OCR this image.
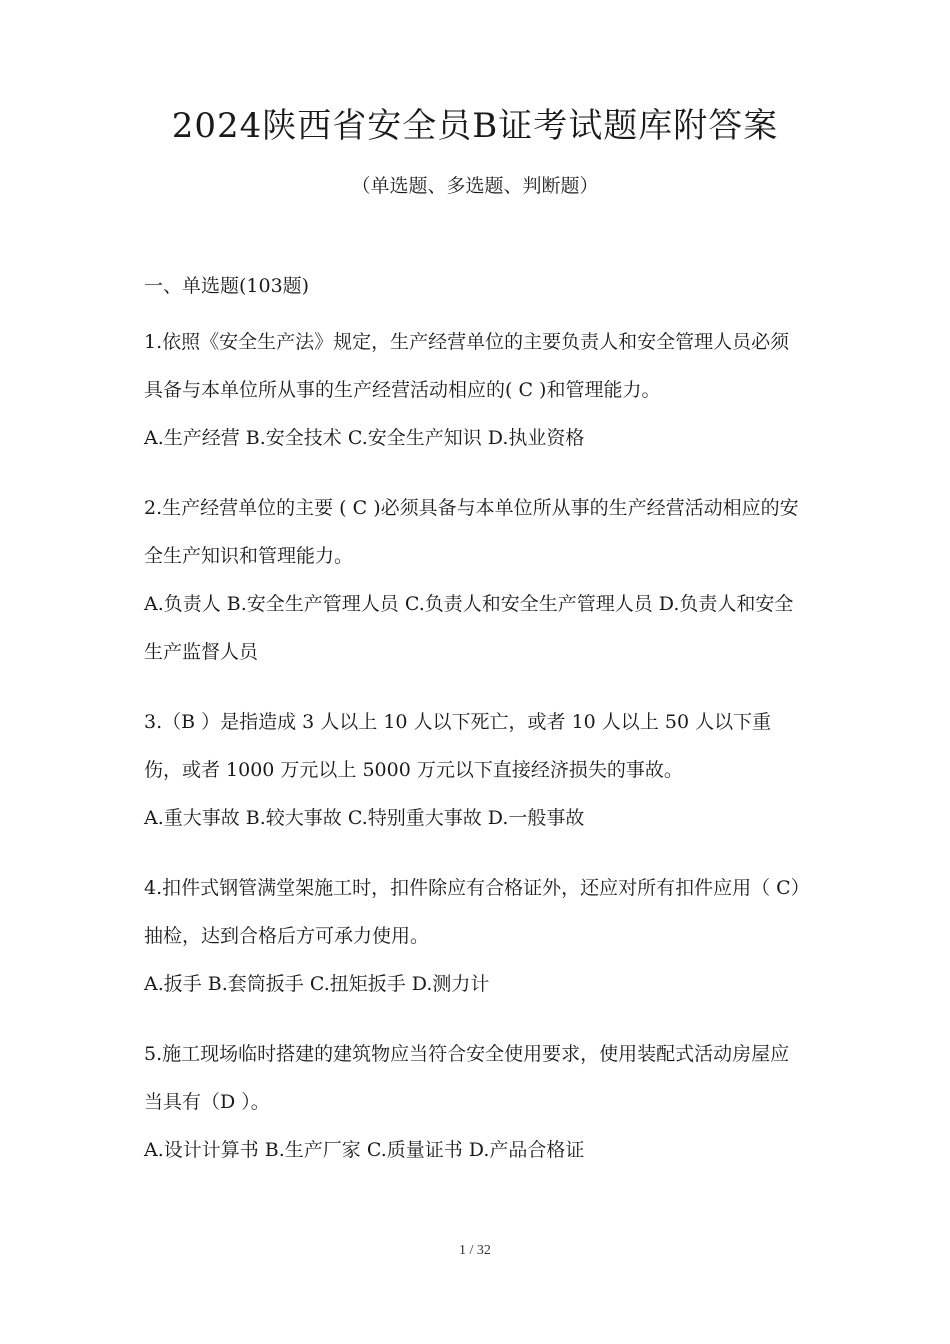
2024陕西省安全员B证考试题库附答案
（单选题、多选题、判断题）
一、单选题(103题)

1.依照《安全生产法》规定，生产经营单位的主要负责人和安全管理人员必须具备与本单位所从事的生产经营活动相应的( C )和管理能力。

A.生产经营 B.安全技术 C.安全生产知识 D.执业资格

2.生产经营单位的主要 ( C )必须具备与本单位所从事的生产经营活动相应的安全生产知识和管理能力。

A.负责人 B.安全生产管理人员 C.负责人和安全生产管理人员 D.负责人和安全生产监督人员

3.（B ）是指造成 3 人以上 10 人以下死亡，或者 10 人以上 50 人以下重伤，或者 1000 万元以上 5000 万元以下直接经济损失的事故。

A.重大事故 B.较大事故 C.特别重大事故 D.一般事故

4.扣件式钢管满堂架施工时，扣件除应有合格证外，还应对所有扣件应用（ C）抽检，达到合格后方可承力使用。

A.扳手 B.套筒扳手 C.扭矩扳手 D.测力计

5.施工现场临时搭建的建筑物应当符合安全使用要求，使用装配式活动房屋应当具有（D ）。

A.设计计算书 B.生产厂家 C.质量证书 D.产品合格证

1 / 32
